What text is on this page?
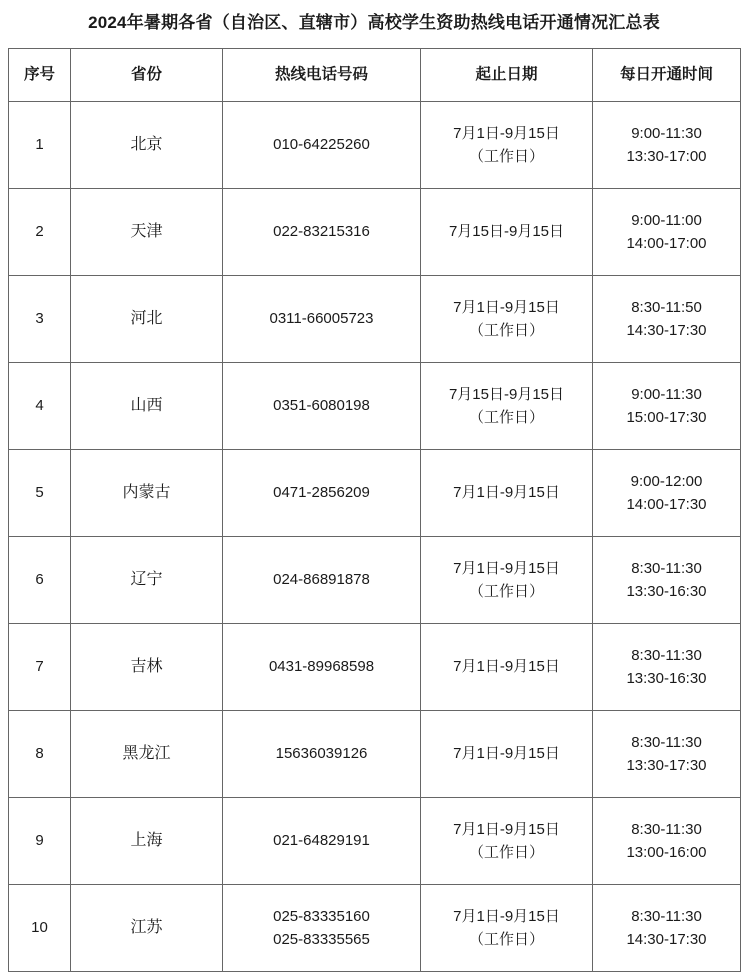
2024年暑期各省（自治区、直辖市）高校学生资助热线电话开通情况汇总表
序号	省份	热线电话号码	起止日期	每日开通时间
1	北京	010-64225260	7月1日-9月15日
（工作日）	9:00-11:30
13:30-17:00

2	天津	022-83215316	7月15日-9月15日	9:00-11:00
14:00-17:00

3	河北	0311-66005723	7月1日-9月15日
（工作日）	8:30-11:50
14:30-17:30

4	山西	0351-6080198	7月15日-9月15日
（工作日）	9:00-11:30
15:00-17:30

5	内蒙古	0471-2856209	7月1日-9月15日	9:00-12:00
14:00-17:30

6	辽宁	024-86891878	7月1日-9月15日
（工作日）	8:30-11:30
13:30-16:30

7	吉林	0431-89968598	7月1日-9月15日	8:30-11:30
13:30-16:30

8	黑龙江	15636039126	7月1日-9月15日	8:30-11:30
13:30-17:30

9	上海	021-64829191	7月1日-9月15日
（工作日）	8:30-11:30
13:00-16:00

10	江苏	025-83335160
025-83335565	7月1日-9月15日
（工作日）	8:30-11:30
14:30-17:30
